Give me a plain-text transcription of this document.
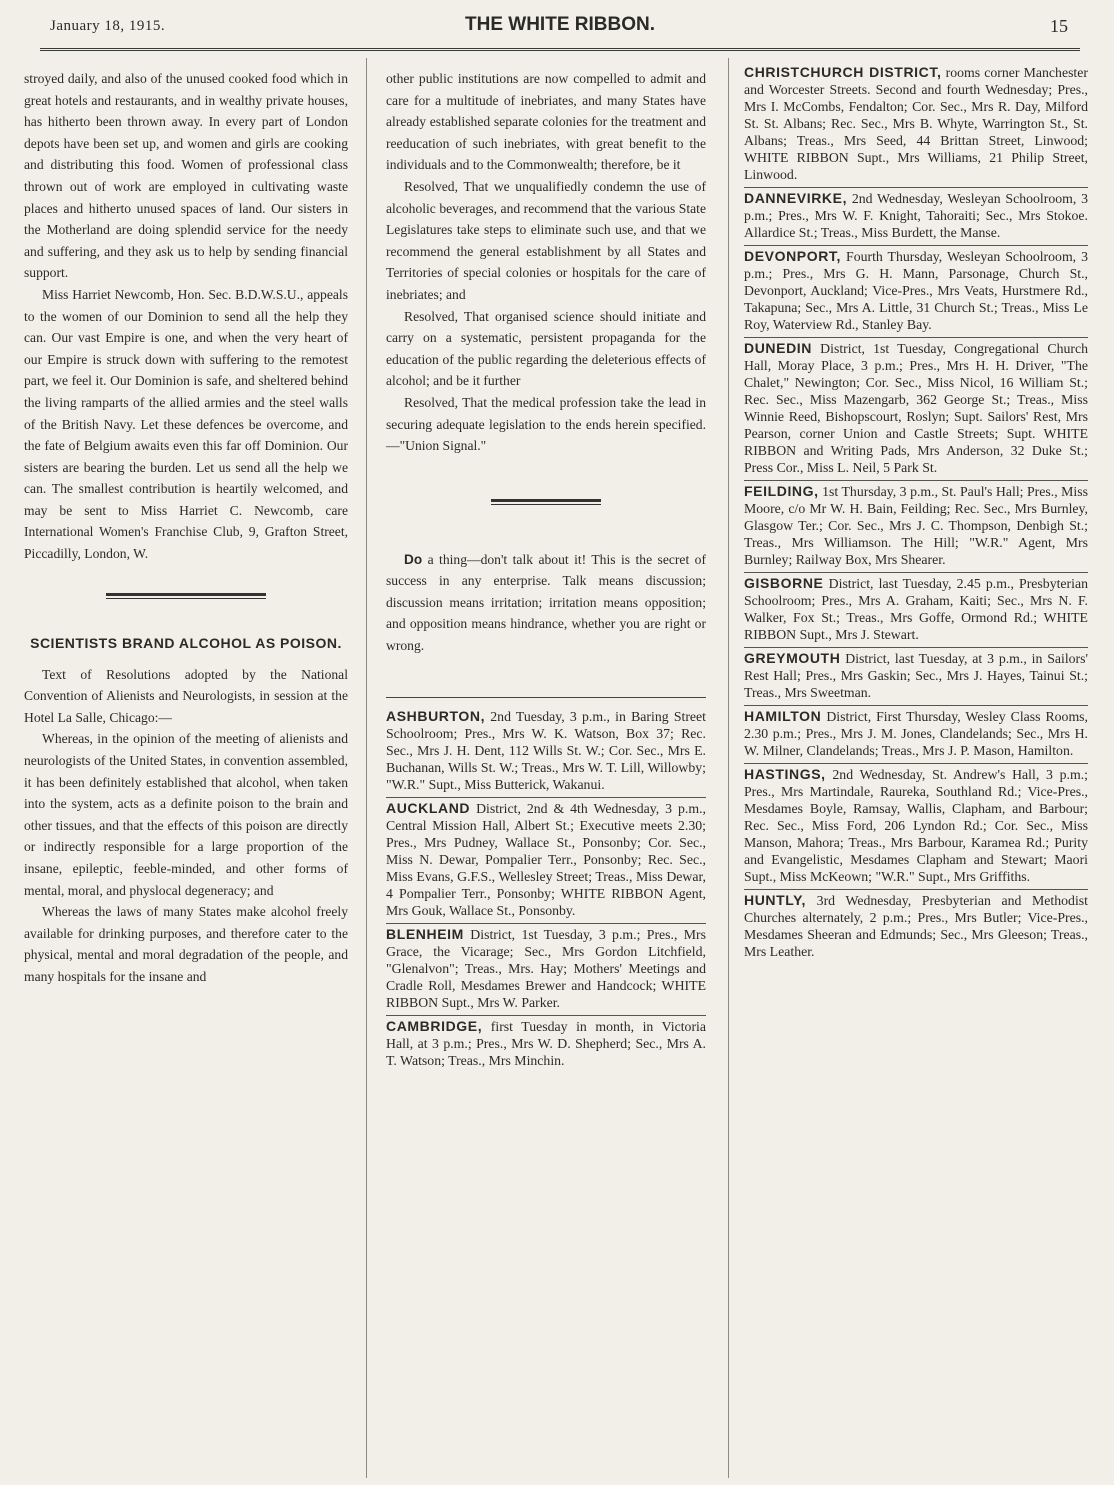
January 18, 1915.	THE WHITE RIBBON.	15

stroyed daily, and also of the unused cooked food which in great hotels and restaurants, and in wealthy private houses, has hitherto been thrown away. In every part of London depots have been set up, and women and girls are cooking and distributing this food. Women of professional class thrown out of work are employed in cultivating waste places and hitherto unused spaces of land. Our sisters in the Motherland are doing splendid service for the needy and suffering, and they ask us to help by sending financial support.

Miss Harriet Newcomb, Hon. Sec. B.D.W.S.U., appeals to the women of our Dominion to send all the help they can. Our vast Empire is one, and when the very heart of our Empire is struck down with suffering to the remotest part, we feel it. Our Dominion is safe, and sheltered behind the living ramparts of the allied armies and the steel walls of the British Navy. Let these defences be overcome, and the fate of Belgium awaits even this far off Dominion. Our sisters are bearing the burden. Let us send all the help we can. The smallest contribution is heartily welcomed, and may be sent to Miss Harriet C. Newcomb, care International Women's Franchise Club, 9, Grafton Street, Piccadilly, London, W.

SCIENTISTS BRAND ALCOHOL AS POISON.

Text of Resolutions adopted by the National Convention of Alienists and Neurologists, in session at the Hotel La Salle, Chicago:—

Whereas, in the opinion of the meeting of alienists and neurologists of the United States, in convention assembled, it has been definitely established that alcohol, when taken into the system, acts as a definite poison to the brain and other tissues, and that the effects of this poison are directly or indirectly responsible for a large proportion of the insane, epileptic, feeble-minded, and other forms of mental, moral, and physlocal degeneracy; and

Whereas the laws of many States make alcohol freely available for drinking purposes, and therefore cater to the physical, mental and moral degradation of the people, and many hospitals for the insane and

other public institutions are now compelled to admit and care for a multitude of inebriates, and many States have already established separate colonies for the treatment and reeducation of such inebriates, with great benefit to the individuals and to the Commonwealth; therefore, be it

Resolved, That we unqualifiedly condemn the use of alcoholic beverages, and recommend that the various State Legislatures take steps to eliminate such use, and that we recommend the general establishment by all States and Territories of special colonies or hospitals for the care of inebriates; and

Resolved, That organised science should initiate and carry on a systematic, persistent propaganda for the education of the public regarding the deleterious effects of alcohol; and be it further

Resolved, That the medical profession take the lead in securing adequate legislation to the ends herein specified.—"Union Signal."

Do a thing—don't talk about it! This is the secret of success in any enterprise. Talk means discussion; discussion means irritation; irritation means opposition; and opposition means hindrance, whether you are right or wrong.

ASHBURTON, 2nd Tuesday, 3 p.m., in Baring Street Schoolroom; Pres., Mrs W. K. Watson, Box 37; Rec. Sec., Mrs J. H. Dent, 112 Wills St. W.; Cor. Sec., Mrs E. Buchanan, Wills St. W.; Treas., Mrs W. T. Lill, Willowby; "W.R." Supt., Miss Butterick, Wakanui.

AUCKLAND District, 2nd & 4th Wednesday, 3 p.m., Central Mission Hall, Albert St.; Executive meets 2.30; Pres., Mrs Pudney, Wallace St., Ponsonby; Cor. Sec., Miss N. Dewar, Pompalier Terr., Ponsonby; Rec. Sec., Miss Evans, G.F.S., Wellesley Street; Treas., Miss Dewar, 4 Pompalier Terr., Ponsonby; WHITE RIBBON Agent, Mrs Gouk, Wallace St., Ponsonby.

BLENHEIM District, 1st Tuesday, 3 p.m.; Pres., Mrs Grace, the Vicarage; Sec., Mrs Gordon Litchfield, "Glenalvon"; Treas., Mrs. Hay; Mothers' Meetings and Cradle Roll, Mesdames Brewer and Handcock; WHITE RIBBON Supt., Mrs W. Parker.

CAMBRIDGE, first Tuesday in month, in Victoria Hall, at 3 p.m.; Pres., Mrs W. D. Shepherd; Sec., Mrs A. T. Watson; Treas., Mrs Minchin.

CHRISTCHURCH DISTRICT, rooms corner Manchester and Worcester Streets. Second and fourth Wednesday; Pres., Mrs I. McCombs, Fendalton; Cor. Sec., Mrs R. Day, Milford St. St. Albans; Rec. Sec., Mrs B. Whyte, Warrington St., St. Albans; Treas., Mrs Seed, 44 Brittan Street, Linwood; WHITE RIBBON Supt., Mrs Williams, 21 Philip Street, Linwood.

DANNEVIRKE, 2nd Wednesday, Wesleyan Schoolroom, 3 p.m.; Pres., Mrs W. F. Knight, Tahoraiti; Sec., Mrs Stokoe. Allardice St.; Treas., Miss Burdett, the Manse.

DEVONPORT, Fourth Thursday, Wesleyan Schoolroom, 3 p.m.; Pres., Mrs G. H. Mann, Parsonage, Church St., Devonport, Auckland; Vice-Pres., Mrs Veats, Hurstmere Rd., Takapuna; Sec., Mrs A. Little, 31 Church St.; Treas., Miss Le Roy, Waterview Rd., Stanley Bay.

DUNEDIN District, 1st Tuesday, Congregational Church Hall, Moray Place, 3 p.m.; Pres., Mrs H. H. Driver, "The Chalet," Newington; Cor. Sec., Miss Nicol, 16 William St.; Rec. Sec., Miss Mazengarb, 362 George St.; Treas., Miss Winnie Reed, Bishopscourt, Roslyn; Supt. Sailors' Rest, Mrs Pearson, corner Union and Castle Streets; Supt. WHITE RIBBON and Writing Pads, Mrs Anderson, 32 Duke St.; Press Cor., Miss L. Neil, 5 Park St.

FEILDING, 1st Thursday, 3 p.m., St. Paul's Hall; Pres., Miss Moore, c/o Mr W. H. Bain, Feilding; Rec. Sec., Mrs Burnley, Glasgow Ter.; Cor. Sec., Mrs J. C. Thompson, Denbigh St.; Treas., Mrs Williamson. The Hill; "W.R." Agent, Mrs Burnley; Railway Box, Mrs Shearer.

GISBORNE District, last Tuesday, 2.45 p.m., Presbyterian Schoolroom; Pres., Mrs A. Graham, Kaiti; Sec., Mrs N. F. Walker, Fox St.; Treas., Mrs Goffe, Ormond Rd.; WHITE RIBBON Supt., Mrs J. Stewart.

GREYMOUTH District, last Tuesday, at 3 p.m., in Sailors' Rest Hall; Pres., Mrs Gaskin; Sec., Mrs J. Hayes, Tainui St.; Treas., Mrs Sweetman.

HAMILTON District, First Thursday, Wesley Class Rooms, 2.30 p.m.; Pres., Mrs J. M. Jones, Clandelands; Sec., Mrs H. W. Milner, Clandelands; Treas., Mrs J. P. Mason, Hamilton.

HASTINGS, 2nd Wednesday, St. Andrew's Hall, 3 p.m.; Pres., Mrs Martindale, Raureka, Southland Rd.; Vice-Pres., Mesdames Boyle, Ramsay, Wallis, Clapham, and Barbour; Rec. Sec., Miss Ford, 206 Lyndon Rd.; Cor. Sec., Miss Manson, Mahora; Treas., Mrs Barbour, Karamea Rd.; Purity and Evangelistic, Mesdames Clapham and Stewart; Maori Supt., Miss McKeown; "W.R." Supt., Mrs Griffiths.

HUNTLY, 3rd Wednesday, Presbyterian and Methodist Churches alternately, 2 p.m.; Pres., Mrs Butler; Vice-Pres., Mesdames Sheeran and Edmunds; Sec., Mrs Gleeson; Treas., Mrs Leather.
